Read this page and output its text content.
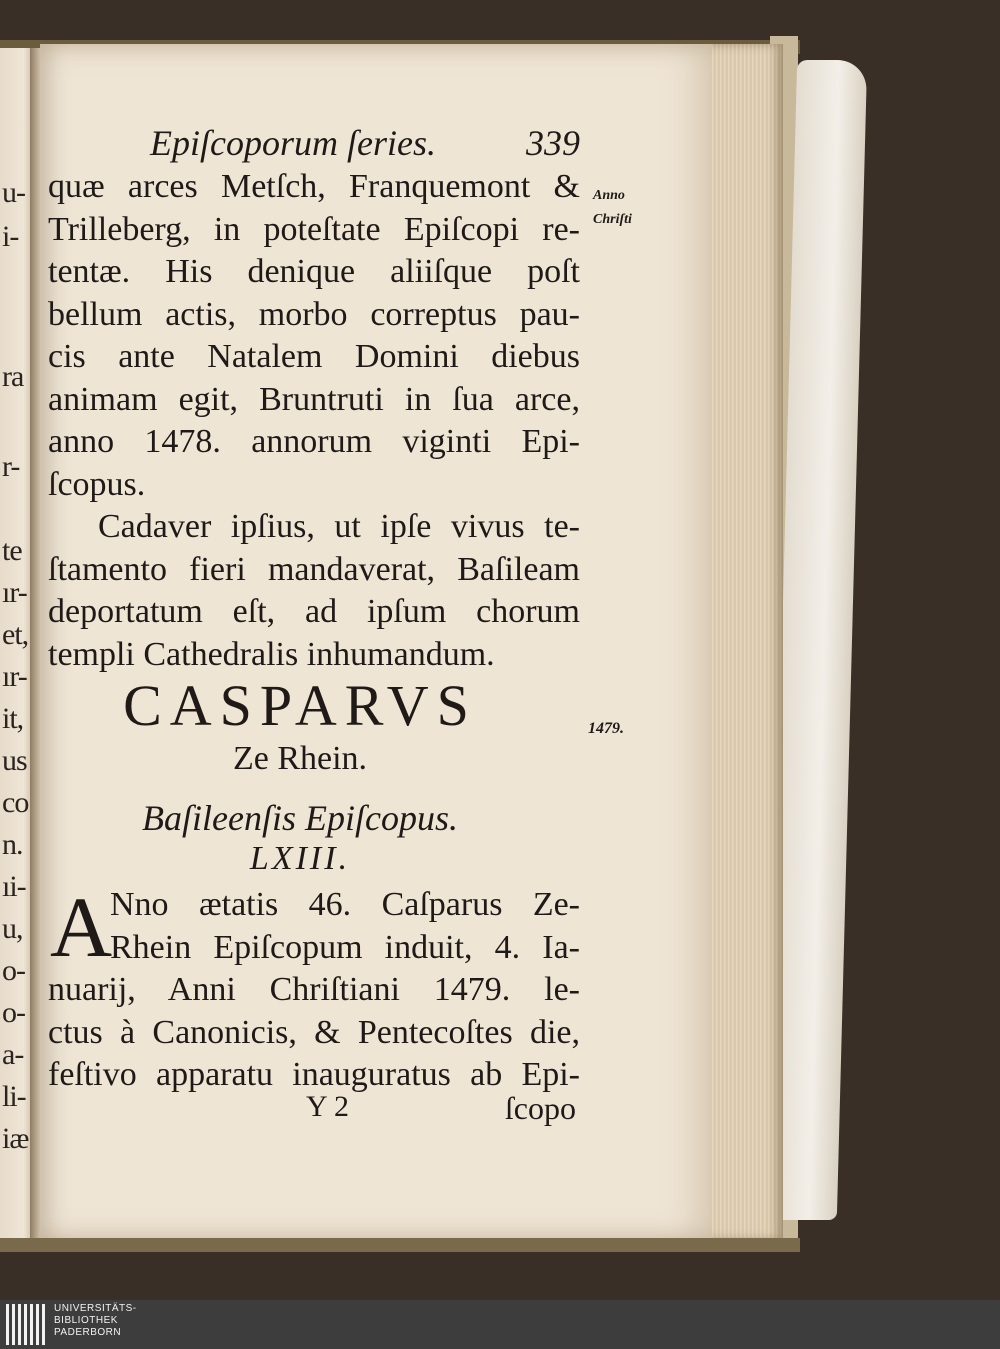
u-
i-
ra
r-
te
ır-
et,
ır-
it,
us
co
n.
ıi-
u,
o-
o-
a-
li-
iæ
Epiſcoporum ſeries.	339
Anno
Chriſti
1479.
quæ arces Metſch, Franquemont &
Trilleberg, in poteſtate Epiſcopi re-
tentæ. His denique aliiſque poſt
bellum actis, morbo correptus pau-
cis ante Natalem Domini diebus
animam egit, Bruntruti in ſua arce,
anno 1478. annorum viginti Epi-
ſcopus.
Cadaver ipſius, ut ipſe vivus te-
ſtamento fieri mandaverat, Baſileam
deportatum eſt, ad ipſum chorum
templi Cathedralis inhumandum.
CASPARVS
Ze Rhein.
Baſileenſis Epiſcopus.
LXIII.
A
Nno ætatis 46. Caſparus Ze-
Rhein Epiſcopum induit, 4. Ia-
nuarij, Anni Chriſtiani 1479. le-
ctus à Canonicis, & Pentecoſtes die,
feſtivo apparatu inauguratus ab Epi-
Y 2	ſcopo
UNIVERSITÄTS-
BIBLIOTHEK
PADERBORN
